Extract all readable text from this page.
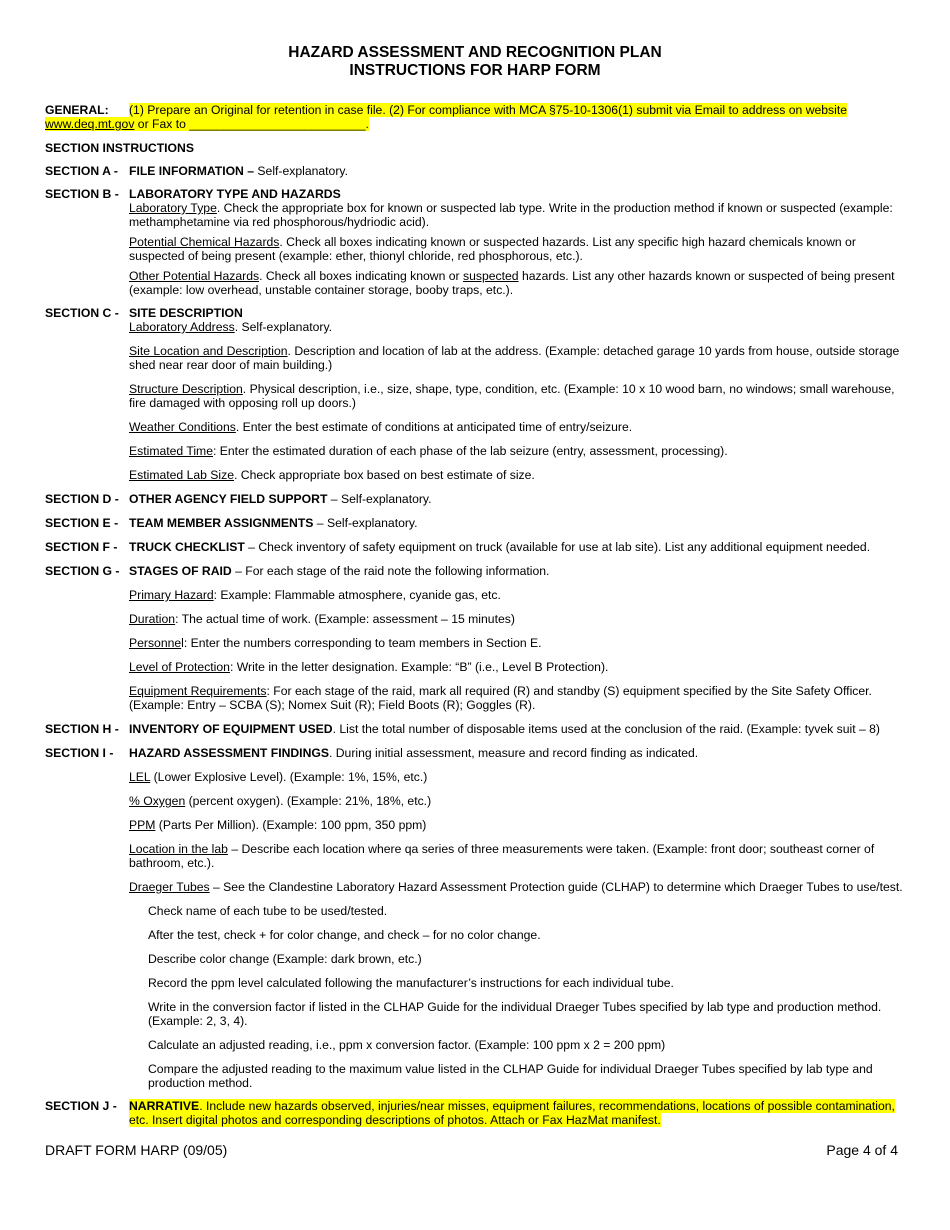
HAZARD ASSESSMENT AND RECOGNITION PLAN
INSTRUCTIONS FOR HARP FORM
GENERAL: (1) Prepare an Original for retention in case file. (2) For compliance with MCA §75-10-1306(1) submit via Email to address on website www.deq.mt.gov or Fax to __________________________.
SECTION INSTRUCTIONS
SECTION A - FILE INFORMATION – Self-explanatory.
SECTION B - LABORATORY TYPE AND HAZARDS
Laboratory Type. Check the appropriate box for known or suspected lab type. Write in the production method if known or suspected (example: methamphetamine via red phosphorous/hydriodic acid).
Potential Chemical Hazards. Check all boxes indicating known or suspected hazards. List any specific high hazard chemicals known or suspected of being present (example: ether, thionyl chloride, red phosphorous, etc.).
Other Potential Hazards. Check all boxes indicating known or suspected hazards. List any other hazards known or suspected of being present (example: low overhead, unstable container storage, booby traps, etc.).
SECTION C - SITE DESCRIPTION
Laboratory Address. Self-explanatory.
Site Location and Description. Description and location of lab at the address. (Example: detached garage 10 yards from house, outside storage shed near rear door of main building.)
Structure Description. Physical description, i.e., size, shape, type, condition, etc. (Example: 10 x 10 wood barn, no windows; small warehouse, fire damaged with opposing roll up doors.)
Weather Conditions. Enter the best estimate of conditions at anticipated time of entry/seizure.
Estimated Time: Enter the estimated duration of each phase of the lab seizure (entry, assessment, processing).
Estimated Lab Size. Check appropriate box based on best estimate of size.
SECTION D - OTHER AGENCY FIELD SUPPORT – Self-explanatory.
SECTION E - TEAM MEMBER ASSIGNMENTS – Self-explanatory.
SECTION F - TRUCK CHECKLIST – Check inventory of safety equipment on truck (available for use at lab site). List any additional equipment needed.
SECTION G - STAGES OF RAID – For each stage of the raid note the following information.
Primary Hazard: Example: Flammable atmosphere, cyanide gas, etc.
Duration: The actual time of work. (Example: assessment – 15 minutes)
Personnel: Enter the numbers corresponding to team members in Section E.
Level of Protection: Write in the letter designation. Example: “B” (i.e., Level B Protection).
Equipment Requirements: For each stage of the raid, mark all required (R) and standby (S) equipment specified by the Site Safety Officer. (Example: Entry – SCBA (S); Nomex Suit (R); Field Boots (R); Goggles (R).
SECTION H - INVENTORY OF EQUIPMENT USED. List the total number of disposable items used at the conclusion of the raid. (Example: tyvek suit – 8)
SECTION I - HAZARD ASSESSMENT FINDINGS. During initial assessment, measure and record finding as indicated.
LEL (Lower Explosive Level). (Example: 1%, 15%, etc.)
% Oxygen (percent oxygen). (Example: 21%, 18%, etc.)
PPM (Parts Per Million). (Example: 100 ppm, 350 ppm)
Location in the lab – Describe each location where qa series of three measurements were taken. (Example: front door; southeast corner of bathroom, etc.).
Draeger Tubes – See the Clandestine Laboratory Hazard Assessment Protection guide (CLHAP) to determine which Draeger Tubes to use/test.
Check name of each tube to be used/tested.
After the test, check + for color change, and check – for no color change.
Describe color change (Example: dark brown, etc.)
Record the ppm level calculated following the manufacturer’s instructions for each individual tube.
Write in the conversion factor if listed in the CLHAP Guide for the individual Draeger Tubes specified by lab type and production method. (Example: 2, 3, 4).
Calculate an adjusted reading, i.e., ppm x conversion factor. (Example: 100 ppm x 2 = 200 ppm)
Compare the adjusted reading to the maximum value listed in the CLHAP Guide for individual Draeger Tubes specified by lab type and production method.
SECTION J - NARRATIVE. Include new hazards observed, injuries/near misses, equipment failures, recommendations, locations of possible contamination, etc. Insert digital photos and corresponding descriptions of photos. Attach or Fax HazMat manifest.
DRAFT FORM HARP (09/05)	Page 4 of 4
